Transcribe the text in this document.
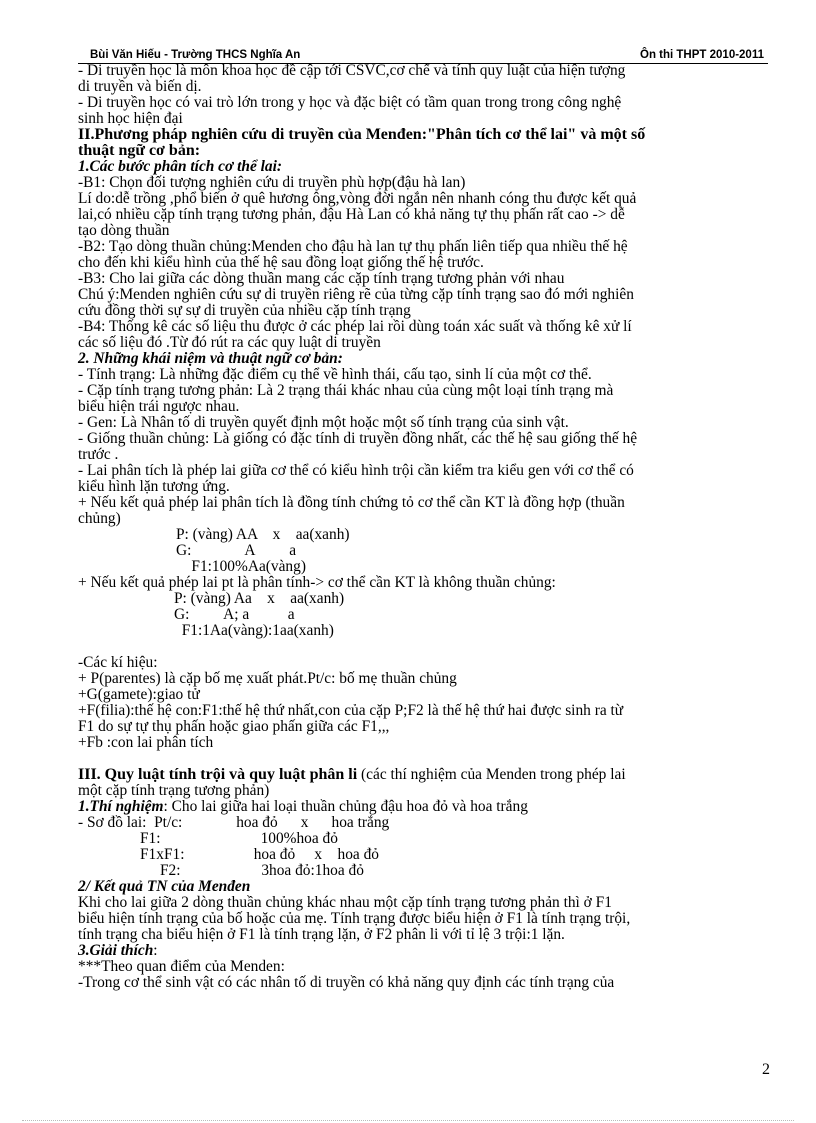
Bùi Văn Hiếu - Trường THCS Nghĩa An	Ôn thi THPT 2010-2011

- Di truyền học là môn khoa học đề cập tới CSVC,cơ chế và tính quy luật của hiện tượng

di truyền và biến dị.

- Di truyền học có vai trò lớn trong y học và đặc biệt có tầm quan trong trong công nghệ

sinh học hiện đại

II.Phương pháp nghiên cứu di truyền của Menđen:"Phân tích cơ thể lai" và một số

thuật ngữ cơ bản:

1.Các bước phân tích cơ thể lai:

-B1: Chọn đối tượng nghiên cứu di truyền phù hợp(đậu hà lan)

Lí do:dễ trồng ,phổ biến ở quê hương ông,vòng đời ngắn nên nhanh cóng thu được kết quả

lai,có nhiều cặp tính trạng tương phản, đậu Hà Lan có khả năng tự thụ phấn rất cao -> dễ

tạo dòng thuần

-B2: Tạo dòng thuần chủng:Menden cho đậu hà lan tự thụ phấn liên tiếp qua nhiều thế hệ

cho đến khi kiểu hình của thế hệ sau đồng loạt giống thế hệ trước.

-B3: Cho lai giữa các dòng thuần mang các cặp tính trạng tương phản với nhau

Chú ý:Menden nghiên cứu sự di truyền riêng rẽ của từng cặp tính trạng sao đó mới nghiên

cứu đồng thời sự sự di truyền của nhiều cặp tính trạng

-B4: Thống kê các số liệu thu được ở các phép lai rồi dùng toán xác suất và thống kê xử lí

các số liệu đó .Từ đó rút ra các quy luật di truyền

2. Những khái niệm và thuật ngữ cơ bản:

- Tính trạng: Là những đặc điểm cụ thể về hình thái, cấu tạo, sinh lí của một cơ thể.

- Cặp tính trạng tương phản: Là 2 trạng thái khác nhau của cùng một loại tính trạng mà

biểu hiện trái ngược nhau.

- Gen: Là Nhân tố di truyền quyết định một hoặc một số tính trạng của sinh vật.

- Giống thuần chủng: Là giống có đặc tính di truyền đồng nhất, các thế hệ sau giống thế hệ

trước .

- Lai phân tích là phép lai giữa cơ thể có kiểu hình trội cần kiểm tra kiểu gen với cơ thể có

kiểu hình lặn tương ứng.

+ Nếu kết quả phép lai phân tích là đồng tính chứng tỏ cơ thể cần KT là đồng hợp (thuần

chủng)

P: (vàng) AA    x    aa(xanh)

G:              A         a

F1:100%Aa(vàng)

+ Nếu kết quả phép lai pt là phân tính-> cơ thể cần KT là không thuần chủng:

P: (vàng) Aa    x    aa(xanh)

G:         A; a          a

F1:1Aa(vàng):1aa(xanh)

-Các kí hiệu:

+ P(parentes) là cặp bố mẹ xuất phát.Pt/c: bố mẹ thuần chủng

+G(gamete):giao tử

+F(filia):thế hệ con:F1:thế hệ thứ nhất,con của cặp P;F2 là thế hệ thứ hai được sinh ra từ

F1 do sự tự thụ phấn hoặc giao phấn giữa các F1,,,

+Fb :con lai phân tích

III. Quy luật tính trội và quy luật phân li (các thí nghiệm của Menden trong phép lai

một cặp tính trạng tương phản)

1.Thí nghiệm: Cho lai giữa hai loại thuần chủng đậu hoa đỏ và hoa trắng

- Sơ đồ lai:  Pt/c:              hoa đỏ      x      hoa trắng

F1:                          100%hoa đỏ

F1xF1:                  hoa đỏ     x    hoa đỏ

F2:                     3hoa đỏ:1hoa đỏ

2/ Kết quả TN của Menđen

Khi cho lai giữa 2 dòng thuần chủng khác nhau một cặp tính trạng tương phản thì ở F1

biểu hiện tính trạng của bố hoặc của mẹ. Tính trạng được biểu hiện ở F1 là tính trạng trội,

tính trạng cha biểu hiện ở F1 là tính trạng lặn, ở F2 phân li với tỉ lệ 3 trội:1 lặn.

3.Giải thích:

***Theo quan điểm của Menden:

-Trong cơ thể sinh vật có các nhân tố di truyền có khả năng quy định các tính trạng của

2
